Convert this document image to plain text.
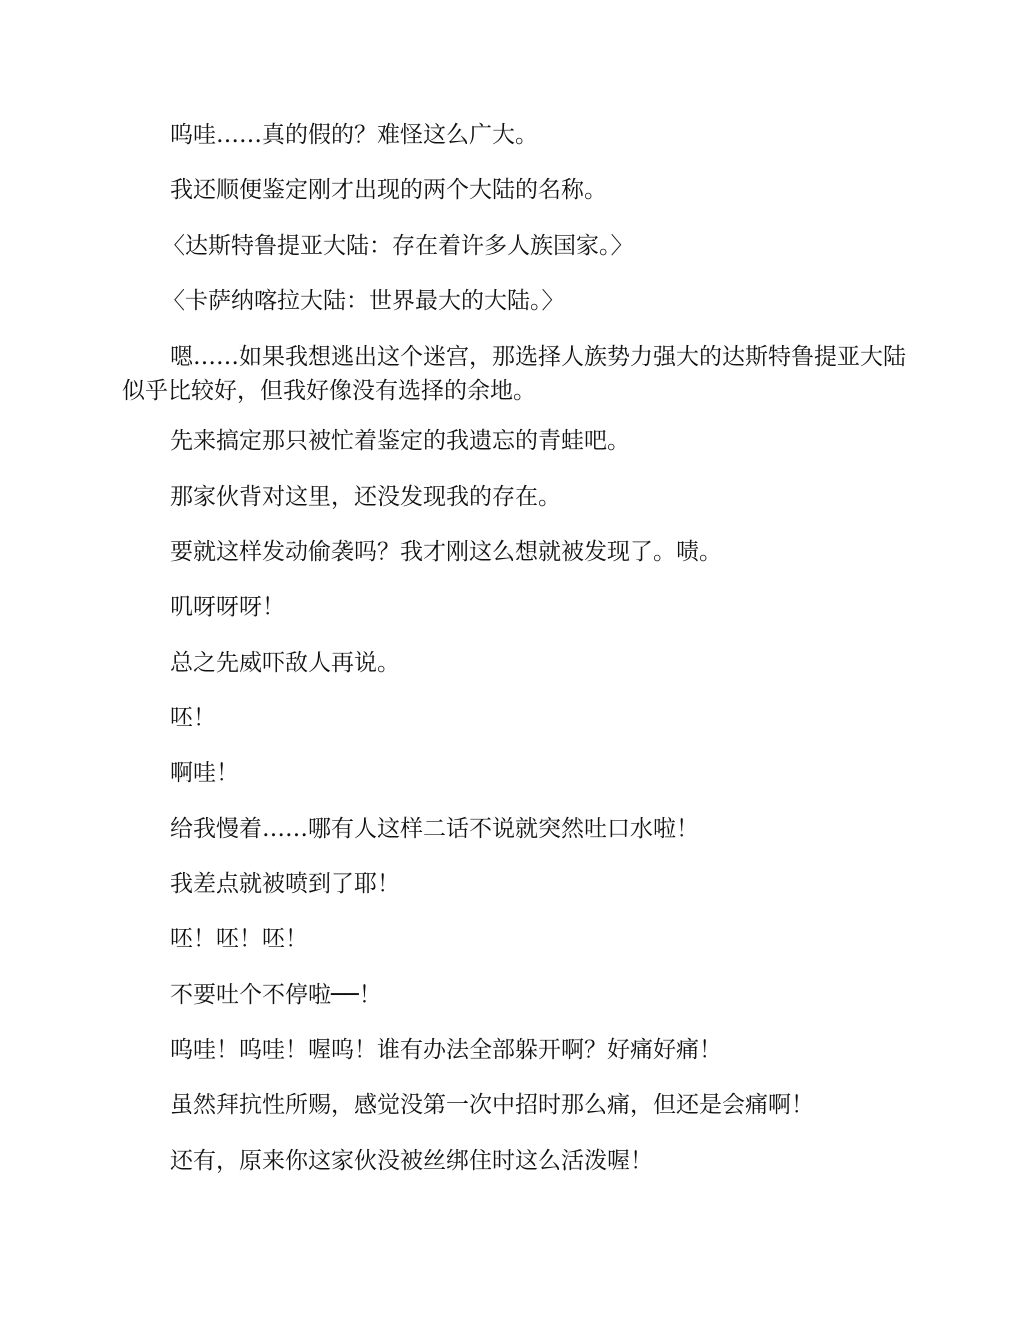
呜哇……真的假的？难怪这么广大。

我还顺便鉴定刚才出现的两个大陆的名称。

〈达斯特鲁提亚大陆：存在着许多人族国家。〉

〈卡萨纳喀拉大陆：世界最大的大陆。〉

嗯……如果我想逃出这个迷宫，那选择人族势力强大的达斯特鲁提亚大陆似乎比较好，但我好像没有选择的余地。

先来搞定那只被忙着鉴定的我遗忘的青蛙吧。

那家伙背对这里，还没发现我的存在。

要就这样发动偷袭吗？我才刚这么想就被发现了。啧。

叽呀呀呀！

总之先威吓敌人再说。

呸！

啊哇！

给我慢着……哪有人这样二话不说就突然吐口水啦！

我差点就被喷到了耶！

呸！呸！呸！

不要吐个不停啦──！

呜哇！呜哇！喔呜！谁有办法全部躲开啊？好痛好痛！

虽然拜抗性所赐，感觉没第一次中招时那么痛，但还是会痛啊！

还有，原来你这家伙没被丝绑住时这么活泼喔！
